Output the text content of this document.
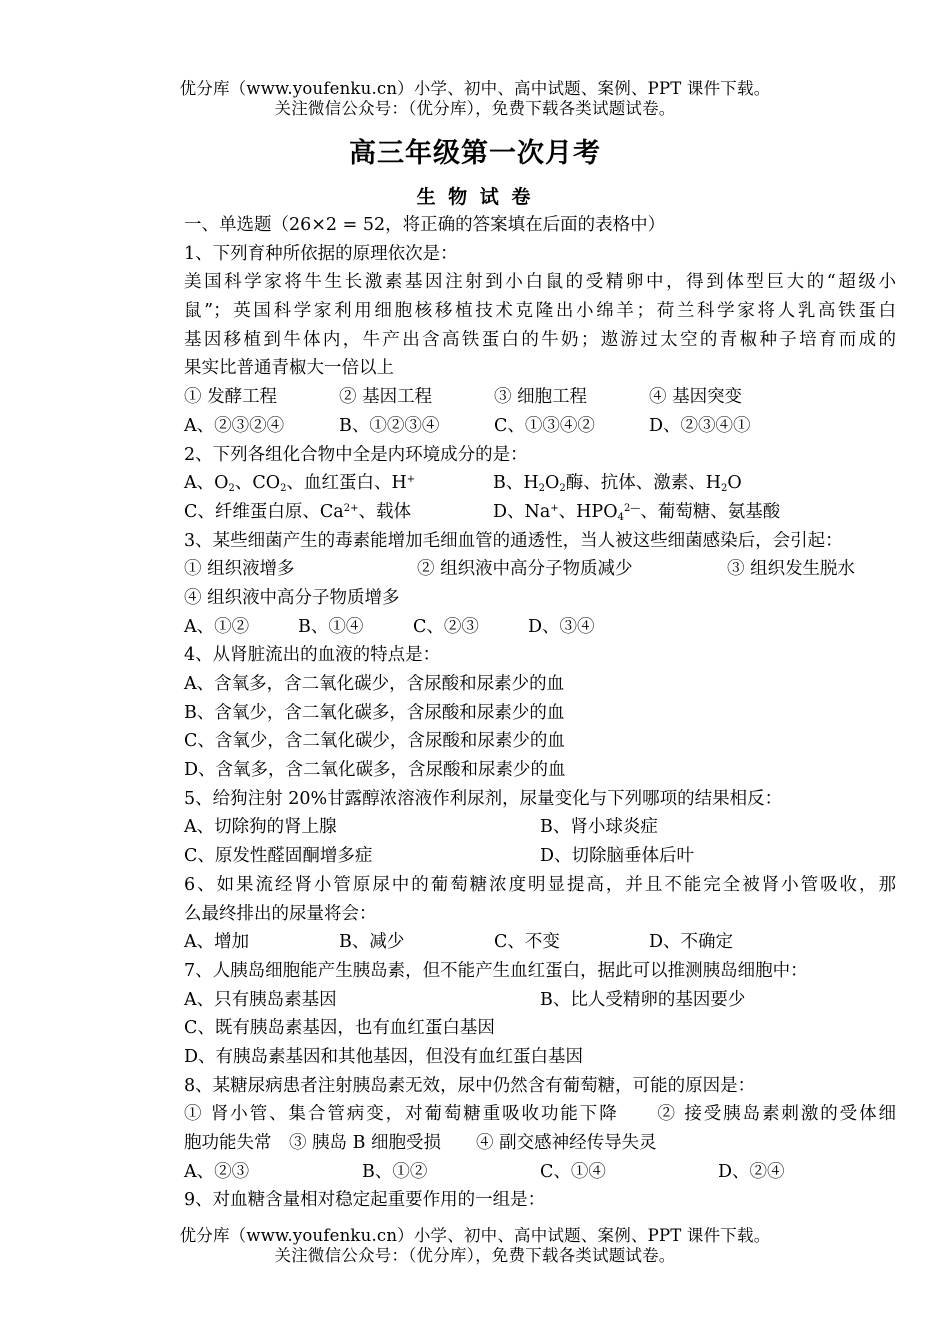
优分库（www.youfenku.cn）小学、初中、高中试题、案例、PPT 课件下载。
关注微信公众号：（优分库），免费下载各类试题试卷。
高三年级第一次月考
生 物 试 卷
一、单选题（26×2 = 52，将正确的答案填在后面的表格中）
1、下列育种所依据的原理依次是：
美国科学家将牛生长激素基因注射到小白鼠的受精卵中，得到体型巨大的“超级小
鼠”；英国科学家利用细胞核移植技术克隆出小绵羊；荷兰科学家将人乳高铁蛋白
基因移植到牛体内，牛产出含高铁蛋白的牛奶；遨游过太空的青椒种子培育而成的
果实比普通青椒大一倍以上
① 发酵工程	② 基因工程	③ 细胞工程	④ 基因突变
A、②③②④	B、①②③④	C、①③④②	D、②③④①
2、下列各组化合物中全是内环境成分的是：
A、$O_2$、$CO_2$、血红蛋白、H+	B、$H_2O_2$酶、抗体、激素、$H_2O$
C、纤维蛋白原、$Ca^{2+}$、载体	D、Na+、$HPO_4^{2—}$、葡萄糖、氨基酸
3、某些细菌产生的毒素能增加毛细血管的通透性，当人被这些细菌感染后，会引起：
① 组织液增多	② 组织液中高分子物质减少	③ 组织发生脱水
④ 组织液中高分子物质增多
A、①②	B、①④	C、②③	D、③④
4、从肾脏流出的血液的特点是：
A、含氧多，含二氧化碳少，含尿酸和尿素少的血
B、含氧少，含二氧化碳多，含尿酸和尿素少的血
C、含氧少，含二氧化碳少，含尿酸和尿素少的血
D、含氧多，含二氧化碳多，含尿酸和尿素少的血
5、给狗注射 20%甘露醇浓溶液作利尿剂，尿量变化与下列哪项的结果相反：
A、切除狗的肾上腺	B、肾小球炎症
C、原发性醛固酮增多症	D、切除脑垂体后叶
6、如果流经肾小管原尿中的葡萄糖浓度明显提高，并且不能完全被肾小管吸收，那
么最终排出的尿量将会：
A、增加	B、减少	C、不变	D、不确定
7、人胰岛细胞能产生胰岛素，但不能产生血红蛋白，据此可以推测胰岛细胞中：
A、只有胰岛素基因	B、比人受精卵的基因要少
C、既有胰岛素基因，也有血红蛋白基因
D、有胰岛素基因和其他基因，但没有血红蛋白基因
8、某糖尿病患者注射胰岛素无效，尿中仍然含有葡萄糖，可能的原因是：
① 肾小管、集合管病变，对葡萄糖重吸收功能下降　　② 接受胰岛素刺激的受体细
胞功能失常　③ 胰岛 B 细胞受损　　④ 副交感神经传导失灵
A、②③	B、①②	C、①④	D、②④
9、对血糖含量相对稳定起重要作用的一组是：
优分库（www.youfenku.cn）小学、初中、高中试题、案例、PPT 课件下载。
关注微信公众号：（优分库），免费下载各类试题试卷。
